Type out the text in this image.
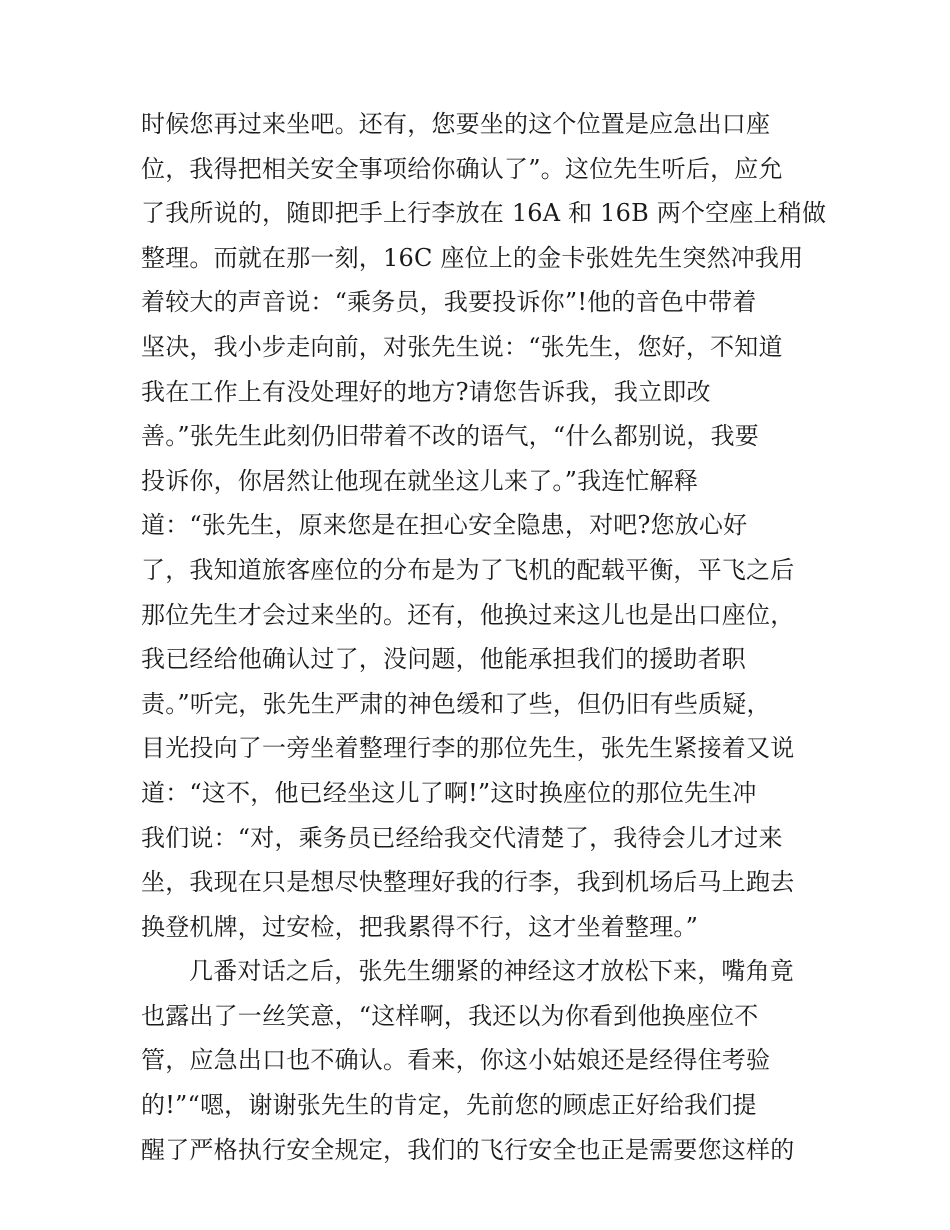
时候您再过来坐吧。还有，您要坐的这个位置是应急出口座
位，我得把相关安全事项给你确认了”。这位先生听后，应允
了我所说的，随即把手上行李放在 16A 和 16B 两个空座上稍做
整理。而就在那一刻，16C 座位上的金卡张姓先生突然冲我用
着较大的声音说：“乘务员，我要投诉你”!他的音色中带着
坚决，我小步走向前，对张先生说：“张先生，您好，不知道
我在工作上有没处理好的地方?请您告诉我，我立即改
善。”张先生此刻仍旧带着不改的语气，“什么都别说，我要
投诉你，你居然让他现在就坐这儿来了。”我连忙解释
道：“张先生，原来您是在担心安全隐患，对吧?您放心好
了，我知道旅客座位的分布是为了飞机的配载平衡，平飞之后
那位先生才会过来坐的。还有，他换过来这儿也是出口座位，
我已经给他确认过了，没问题，他能承担我们的援助者职
责。”听完，张先生严肃的神色缓和了些，但仍旧有些质疑，
目光投向了一旁坐着整理行李的那位先生，张先生紧接着又说
道：“这不，他已经坐这儿了啊!”这时换座位的那位先生冲
我们说：“对，乘务员已经给我交代清楚了，我待会儿才过来
坐，我现在只是想尽快整理好我的行李，我到机场后马上跑去
换登机牌，过安检，把我累得不行，这才坐着整理。”
几番对话之后，张先生绷紧的神经这才放松下来，嘴角竟
也露出了一丝笑意，“这样啊，我还以为你看到他换座位不
管，应急出口也不确认。看来，你这小姑娘还是经得住考验
的!”“嗯，谢谢张先生的肯定，先前您的顾虑正好给我们提
醒了严格执行安全规定，我们的飞行安全也正是需要您这样的
